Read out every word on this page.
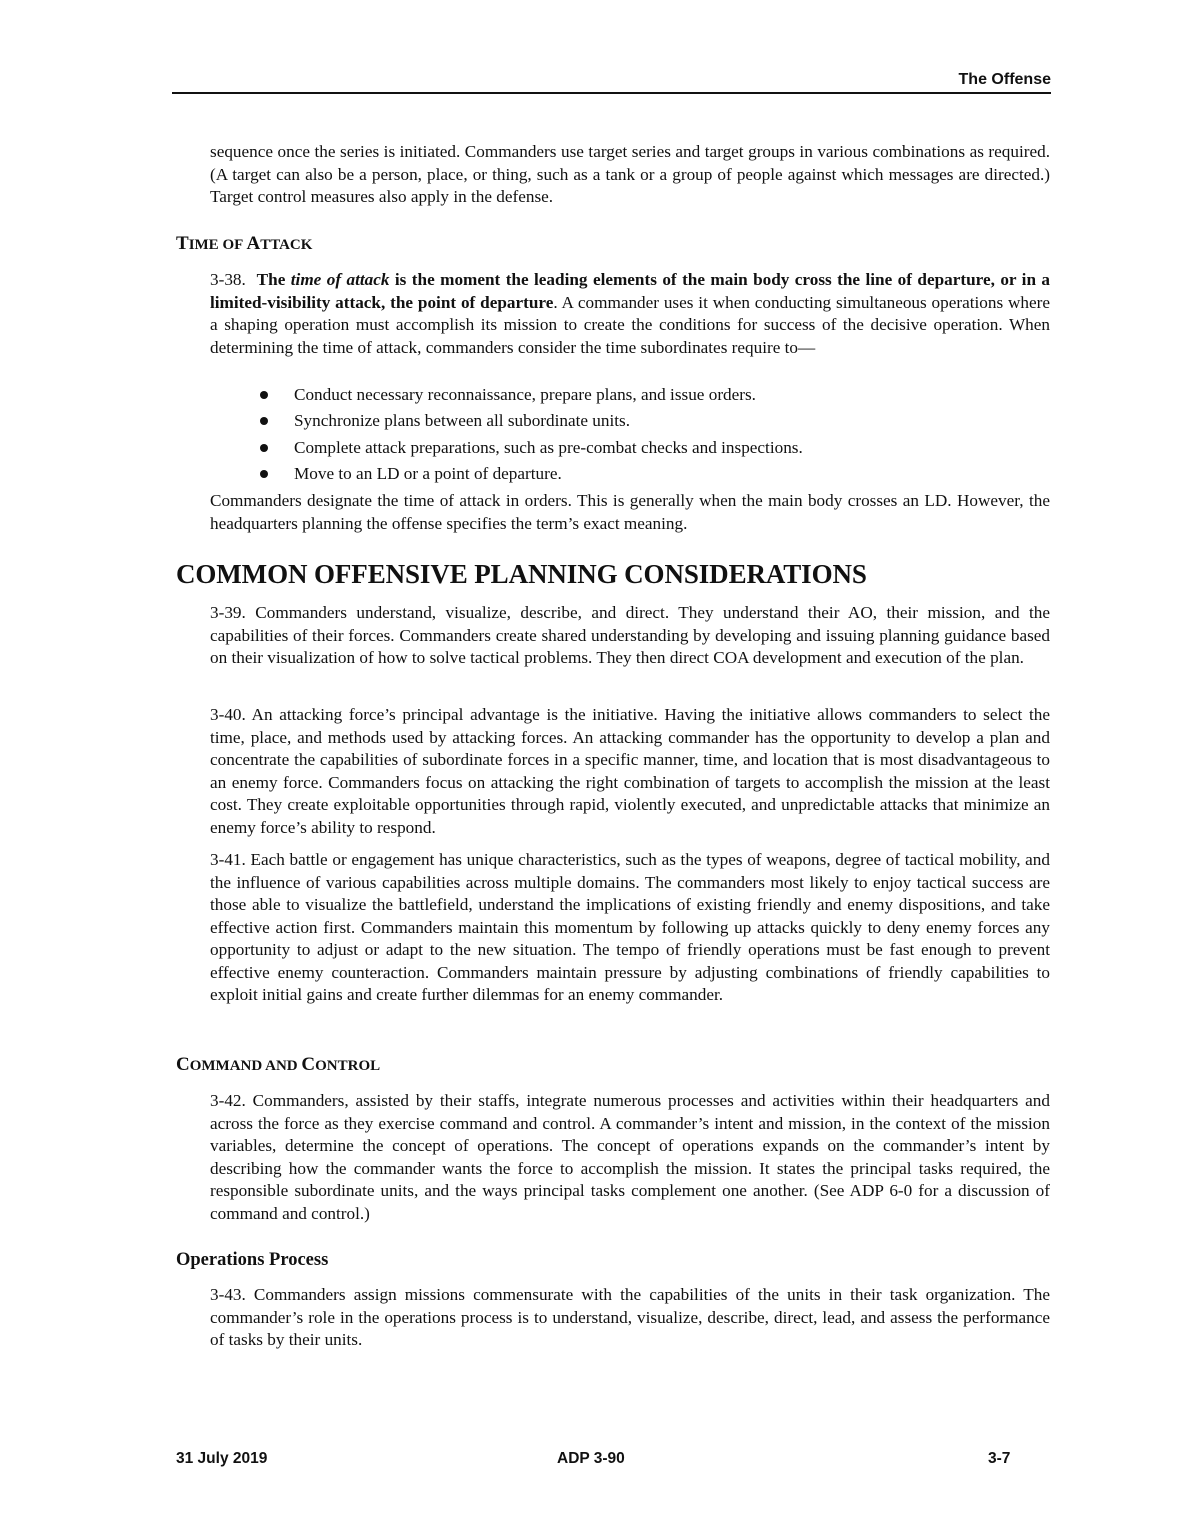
The Offense

sequence once the series is initiated. Commanders use target series and target groups in various combinations as required. (A target can also be a person, place, or thing, such as a tank or a group of people against which messages are directed.) Target control measures also apply in the defense.

TIME OF ATTACK

3-38. The time of attack is the moment the leading elements of the main body cross the line of departure, or in a limited-visibility attack, the point of departure. A commander uses it when conducting simultaneous operations where a shaping operation must accomplish its mission to create the conditions for success of the decisive operation. When determining the time of attack, commanders consider the time subordinates require to—

Conduct necessary reconnaissance, prepare plans, and issue orders.
Synchronize plans between all subordinate units.
Complete attack preparations, such as pre-combat checks and inspections.
Move to an LD or a point of departure.

Commanders designate the time of attack in orders. This is generally when the main body crosses an LD. However, the headquarters planning the offense specifies the term’s exact meaning.

COMMON OFFENSIVE PLANNING CONSIDERATIONS

3-39. Commanders understand, visualize, describe, and direct. They understand their AO, their mission, and the capabilities of their forces. Commanders create shared understanding by developing and issuing planning guidance based on their visualization of how to solve tactical problems. They then direct COA development and execution of the plan.

3-40. An attacking force’s principal advantage is the initiative. Having the initiative allows commanders to select the time, place, and methods used by attacking forces. An attacking commander has the opportunity to develop a plan and concentrate the capabilities of subordinate forces in a specific manner, time, and location that is most disadvantageous to an enemy force. Commanders focus on attacking the right combination of targets to accomplish the mission at the least cost. They create exploitable opportunities through rapid, violently executed, and unpredictable attacks that minimize an enemy force’s ability to respond.

3-41. Each battle or engagement has unique characteristics, such as the types of weapons, degree of tactical mobility, and the influence of various capabilities across multiple domains. The commanders most likely to enjoy tactical success are those able to visualize the battlefield, understand the implications of existing friendly and enemy dispositions, and take effective action first. Commanders maintain this momentum by following up attacks quickly to deny enemy forces any opportunity to adjust or adapt to the new situation. The tempo of friendly operations must be fast enough to prevent effective enemy counteraction. Commanders maintain pressure by adjusting combinations of friendly capabilities to exploit initial gains and create further dilemmas for an enemy commander.

COMMAND AND CONTROL

3-42. Commanders, assisted by their staffs, integrate numerous processes and activities within their headquarters and across the force as they exercise command and control. A commander’s intent and mission, in the context of the mission variables, determine the concept of operations. The concept of operations expands on the commander’s intent by describing how the commander wants the force to accomplish the mission. It states the principal tasks required, the responsible subordinate units, and the ways principal tasks complement one another. (See ADP 6-0 for a discussion of command and control.)

Operations Process

3-43. Commanders assign missions commensurate with the capabilities of the units in their task organization. The commander’s role in the operations process is to understand, visualize, describe, direct, lead, and assess the performance of tasks by their units.

31 July 2019	ADP 3-90	3-7
